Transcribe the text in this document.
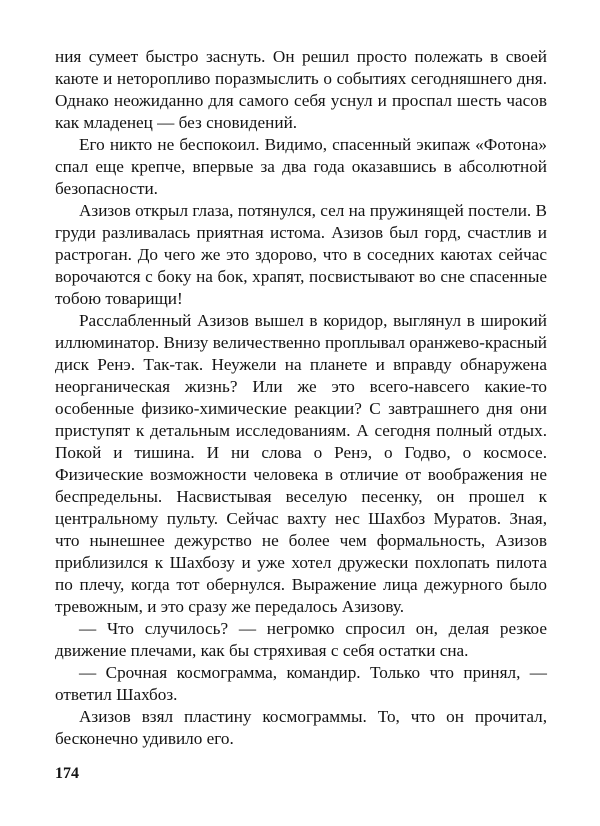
ния сумеет быстро заснуть. Он решил просто полежать в своей каюте и неторопливо поразмыслить о событиях сегодняшнего дня. Однако неожиданно для самого себя уснул и проспал шесть часов как младенец — без сновидений.

Его никто не беспокоил. Видимо, спасенный экипаж «Фотона» спал еще крепче, впервые за два года оказавшись в абсолютной безопасности.

Азизов открыл глаза, потянулся, сел на пружинящей постели. В груди разливалась приятная истома. Азизов был горд, счастлив и растроган. До чего же это здорово, что в соседних каютах сейчас ворочаются с боку на бок, храпят, посвистывают во сне спасенные тобою товарищи!

Расслабленный Азизов вышел в коридор, выглянул в широкий иллюминатор. Внизу величественно проплывал оранжево-красный диск Ренэ. Так-так. Неужели на планете и вправду обнаружена неорганическая жизнь? Или же это всего-навсего какие-то особенные физико-химические реакции? С завтрашнего дня они приступят к детальным исследованиям. А сегодня полный отдых. Покой и тишина. И ни слова о Ренэ, о Годво, о космосе. Физические возможности человека в отличие от воображения не беспредельны. Насвистывая веселую песенку, он прошел к центральному пульту. Сейчас вахту нес Шахбоз Муратов. Зная, что нынешнее дежурство не более чем формальность, Азизов приблизился к Шахбозу и уже хотел дружески похлопать пилота по плечу, когда тот обернулся. Выражение лица дежурного было тревожным, и это сразу же передалось Азизову.

— Что случилось? — негромко спросил он, делая резкое движение плечами, как бы стряхивая с себя остатки сна.

— Срочная космограмма, командир. Только что принял, — ответил Шахбоз.

Азизов взял пластину космограммы. То, что он прочитал, бесконечно удивило его.

174
